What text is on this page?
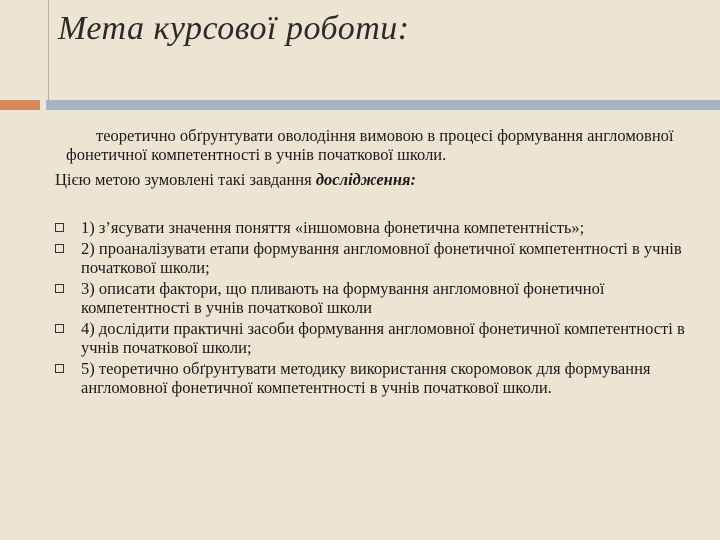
Мета курсової роботи:
теоретично обґрунтувати оволодіння вимовою в процесі формування англомовної фонетичної компетентності в учнів початкової школи.
Цією метою зумовлені такі завдання дослідження:
1) з’ясувати значення поняття «іншомовна фонетична компетентність»;
2) проаналізувати етапи формування англомовної фонетичної компетентності в учнів початкової школи;
3) описати фактори, що пливають на формування англомовної фонетичної компетентності в учнів початкової школи
4) дослідити практичні засоби формування англомовної фонетичної компетентності в учнів початкової школи;
5) теоретично обґрунтувати методику використання скоромовок для формування англомовної фонетичної компетентності в учнів початкової школи.
